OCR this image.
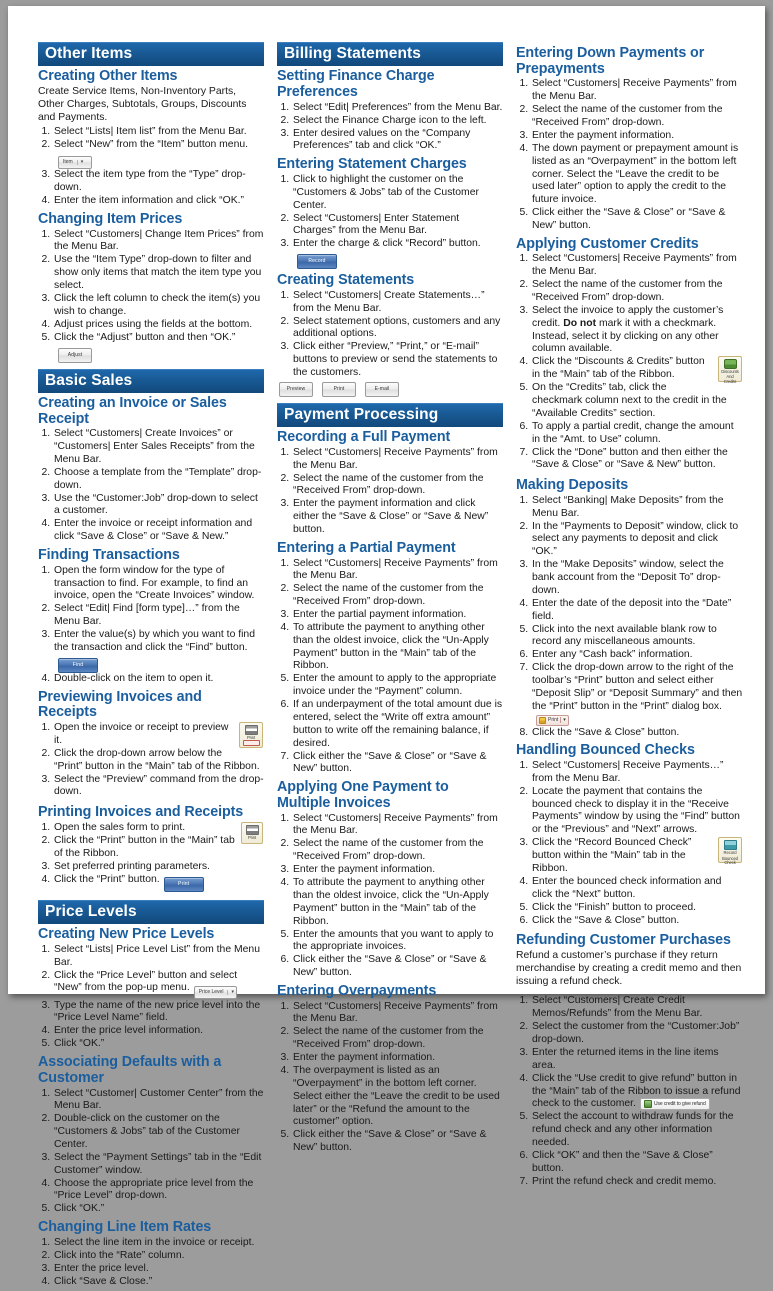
Other Items
Creating Other Items

Create Service Items, Non-Inventory Parts, Other Charges, Subtotals, Groups, Discounts and Payments.

1. Select “Lists| Item list” from the Menu Bar.
2. Select “New” from the “Item” button menu.
Item	▾
3. Select the item type from the “Type” drop-down.
4. Enter the item information and click “OK.”
Changing Item Prices
1. Select “Customers| Change Item Prices” from the Menu Bar.
2. Use the “Item Type” drop-down to filter and show only items that match the item type you select.
3. Click the left column to check the item(s) you wish to change.
4. Adjust prices using the fields at the bottom.
5. Click the “Adjust” button and then “OK.”Adjust
Basic Sales
Creating an Invoice or Sales Receipt
1. Select “Customers| Create Invoices” or “Customers| Enter Sales Receipts” from the Menu Bar.
2. Choose a template from the “Template” drop-down.
3. Use the “Customer:Job” drop-down to select a customer.
4. Enter the invoice or receipt information and click “Save & Close” or “Save & New.”
Finding Transactions
1. Open the form window for the type of transaction to find. For example, to find an invoice, open the “Create Invoices” window.
2. Select “Edit| Find [form type]…” from the Menu Bar.
3. Enter the value(s) by which you want to find the transaction and click the “Find” button.Find
4. Double-click on the item to open it.
Previewing Invoices and Receipts
Print
1. Open the invoice or receipt to preview it.
2. Click the drop-down arrow below the “Print” button in the “Main” tab of the Ribbon.
3. Select the “Preview” command from the drop-down.
Printing Invoices and Receipts
Print
1. Open the sales form to print.
2. Click the “Print” button in the “Main” tab of the Ribbon.
3. Set preferred printing parameters.
4. Click the “Print” button.	Print
Price Levels
Creating New Price Levels
1. Select “Lists| Price Level List” from the Menu Bar.
2. Click the “Price Level” button and select “New” from the pop-up menu. Price Level	▾
3. Type the name of the new price level into the “Price Level Name” field.
4. Enter the price level information.
5. Click “OK.”
Associating Defaults with a Customer
1. Select “Customer| Customer Center” from the Menu Bar.
2. Double-click on the customer on the “Customers & Jobs” tab of the Customer Center.
3. Select the “Payment Settings” tab in the “Edit Customer” window.
4. Choose the appropriate price level from the “Price Level” drop-down.
5. Click “OK.”
Changing Line Item Rates
1. Select the line item in the invoice or receipt.
2. Click into the “Rate” column.
3. Enter the price level.
4. Click “Save & Close.”
Billing Statements
Setting Finance Charge Preferences
1. Select “Edit| Preferences” from the Menu Bar.
2. Select the Finance Charge icon to the left.
3. Enter desired values on the “Company Preferences” tab and click “OK.”
Entering Statement Charges
1. Click to highlight the customer on the “Customers & Jobs” tab of the Customer Center.
2. Select “Customers| Enter Statement Charges” from the Menu Bar.
3. Enter the charge & click “Record” button.Record
Creating Statements
1. Select “Customers| Create Statements…” from the Menu Bar.
2. Select statement options, customers and any additional options.
3. Click either “Preview,” “Print,” or “E-mail” buttons to preview or send the statements to the customers.
Preview	Print	E-mail
Payment Processing
Recording a Full Payment
1. Select “Customers| Receive Payments” from the Menu Bar.
2. Select the name of the customer from the “Received From” drop-down.
3. Enter the payment information and click either the “Save & Close” or “Save & New” button.
Entering a Partial Payment
1. Select “Customers| Receive Payments” from the Menu Bar.
2. Select the name of the customer from the “Received From” drop-down.
3. Enter the partial payment information.
4. To attribute the payment to anything other than the oldest invoice, click the “Un-Apply Payment” button in the “Main” tab of the Ribbon.
5. Enter the amount to apply to the appropriate invoice under the “Payment” column.
6. If an underpayment of the total amount due is entered, select the “Write off extra amount” button to write off the remaining balance, if desired.
7. Click either the “Save & Close” or “Save & New” button.
Applying One Payment to Multiple Invoices
1. Select “Customers| Receive Payments” from the Menu Bar.
2. Select the name of the customer from the “Received From” drop-down.
3. Enter the payment information.
4. To attribute the payment to anything other than the oldest invoice, click the “Un-Apply Payment” button in the “Main” tab of the Ribbon.
5. Enter the amounts that you want to apply to the appropriate invoices.
6. Click either the “Save & Close” or “Save & New” button.
Entering Overpayments
1. Select “Customers| Receive Payments” from the Menu Bar.
2. Select the name of the customer from the “Received From” drop-down.
3. Enter the payment information.
4. The overpayment is listed as an “Overpayment” in the bottom left corner. Select either the “Leave the credit to be used later” or the “Refund the amount to the customer” option.
5. Click either the “Save & Close” or “Save & New” button.
Entering Down Payments or Prepayments
1. Select “Customers| Receive Payments” from the Menu Bar.
2. Select the name of the customer from the “Received From” drop-down.
3. Enter the payment information.
4. The down payment or prepayment amount is listed as an “Overpayment” in the bottom left corner. Select the “Leave the credit to be used later” option to apply the credit to the future invoice.
5. Click either the “Save & Close” or “Save & New” button.
Applying Customer Credits
1. Select “Customers| Receive Payments” from the Menu Bar.
2. Select the name of the customer from the “Received From” drop-down.
3. Select the invoice to apply the customer’s credit. Do not mark it with a checkmark. Instead, select it by clicking on any other column available.
4. Discounts And
Credits
Click the “Discounts & Credits” button in the “Main” tab of the Ribbon.
5. On the “Credits” tab, click the checkmark column next to the credit in the “Available Credits” section.
6. To apply a partial credit, change the amount in the “Amt. to Use” column.
7. Click the “Done” button and then either the “Save & Close” or “Save & New” button.
Making Deposits
1. Select “Banking| Make Deposits” from the Menu Bar.
2. In the “Payments to Deposit” window, click to select any payments to deposit and click “OK.”
3. In the “Make Deposits” window, select the bank account from the “Deposit To” drop-down.
4. Enter the date of the deposit into the “Date” field.
5. Click into the next available blank row to record any miscellaneous amounts.
6. Enter any “Cash back” information.
7. Click the drop-down arrow to the right of the toolbar’s “Print” button and select either “Deposit Slip” or “Deposit Summary” and then the “Print” button in the “Print” dialog box.
Print	▾
8. Click the “Save & Close” button.
Handling Bounced Checks
1. Select “Customers| Receive Payments…” from the Menu Bar.
2. Locate the payment that contains the bounced check to display it in the “Receive Payments” window by using the “Find” button or the “Previous” and “Next” arrows.
3. Record
Bounced Check
Click the “Record Bounced Check” button within the “Main” tab in the Ribbon.
4. Enter the bounced check information and click the “Next” button.
5. Click the “Finish” button to proceed.
6. Click the “Save & Close” button.
Refunding Customer Purchases

Refund a customer’s purchase if they return merchandise by creating a credit memo and then issuing a refund check.

1. Select “Customers| Create Credit Memos/Refunds” from the Menu Bar.
2. Select the customer from the “Customer:Job” drop-down.
3. Enter the returned items in the line items area.
4. Click the “Use credit to give refund” button in the “Main” tab of the Ribbon to issue a refund check to the customer.	Use credit to give refund
5. Select the account to withdraw funds for the refund check and any other information needed.
6. Click “OK” and then the “Save & Close” button.
7. Print the refund check and credit memo.
